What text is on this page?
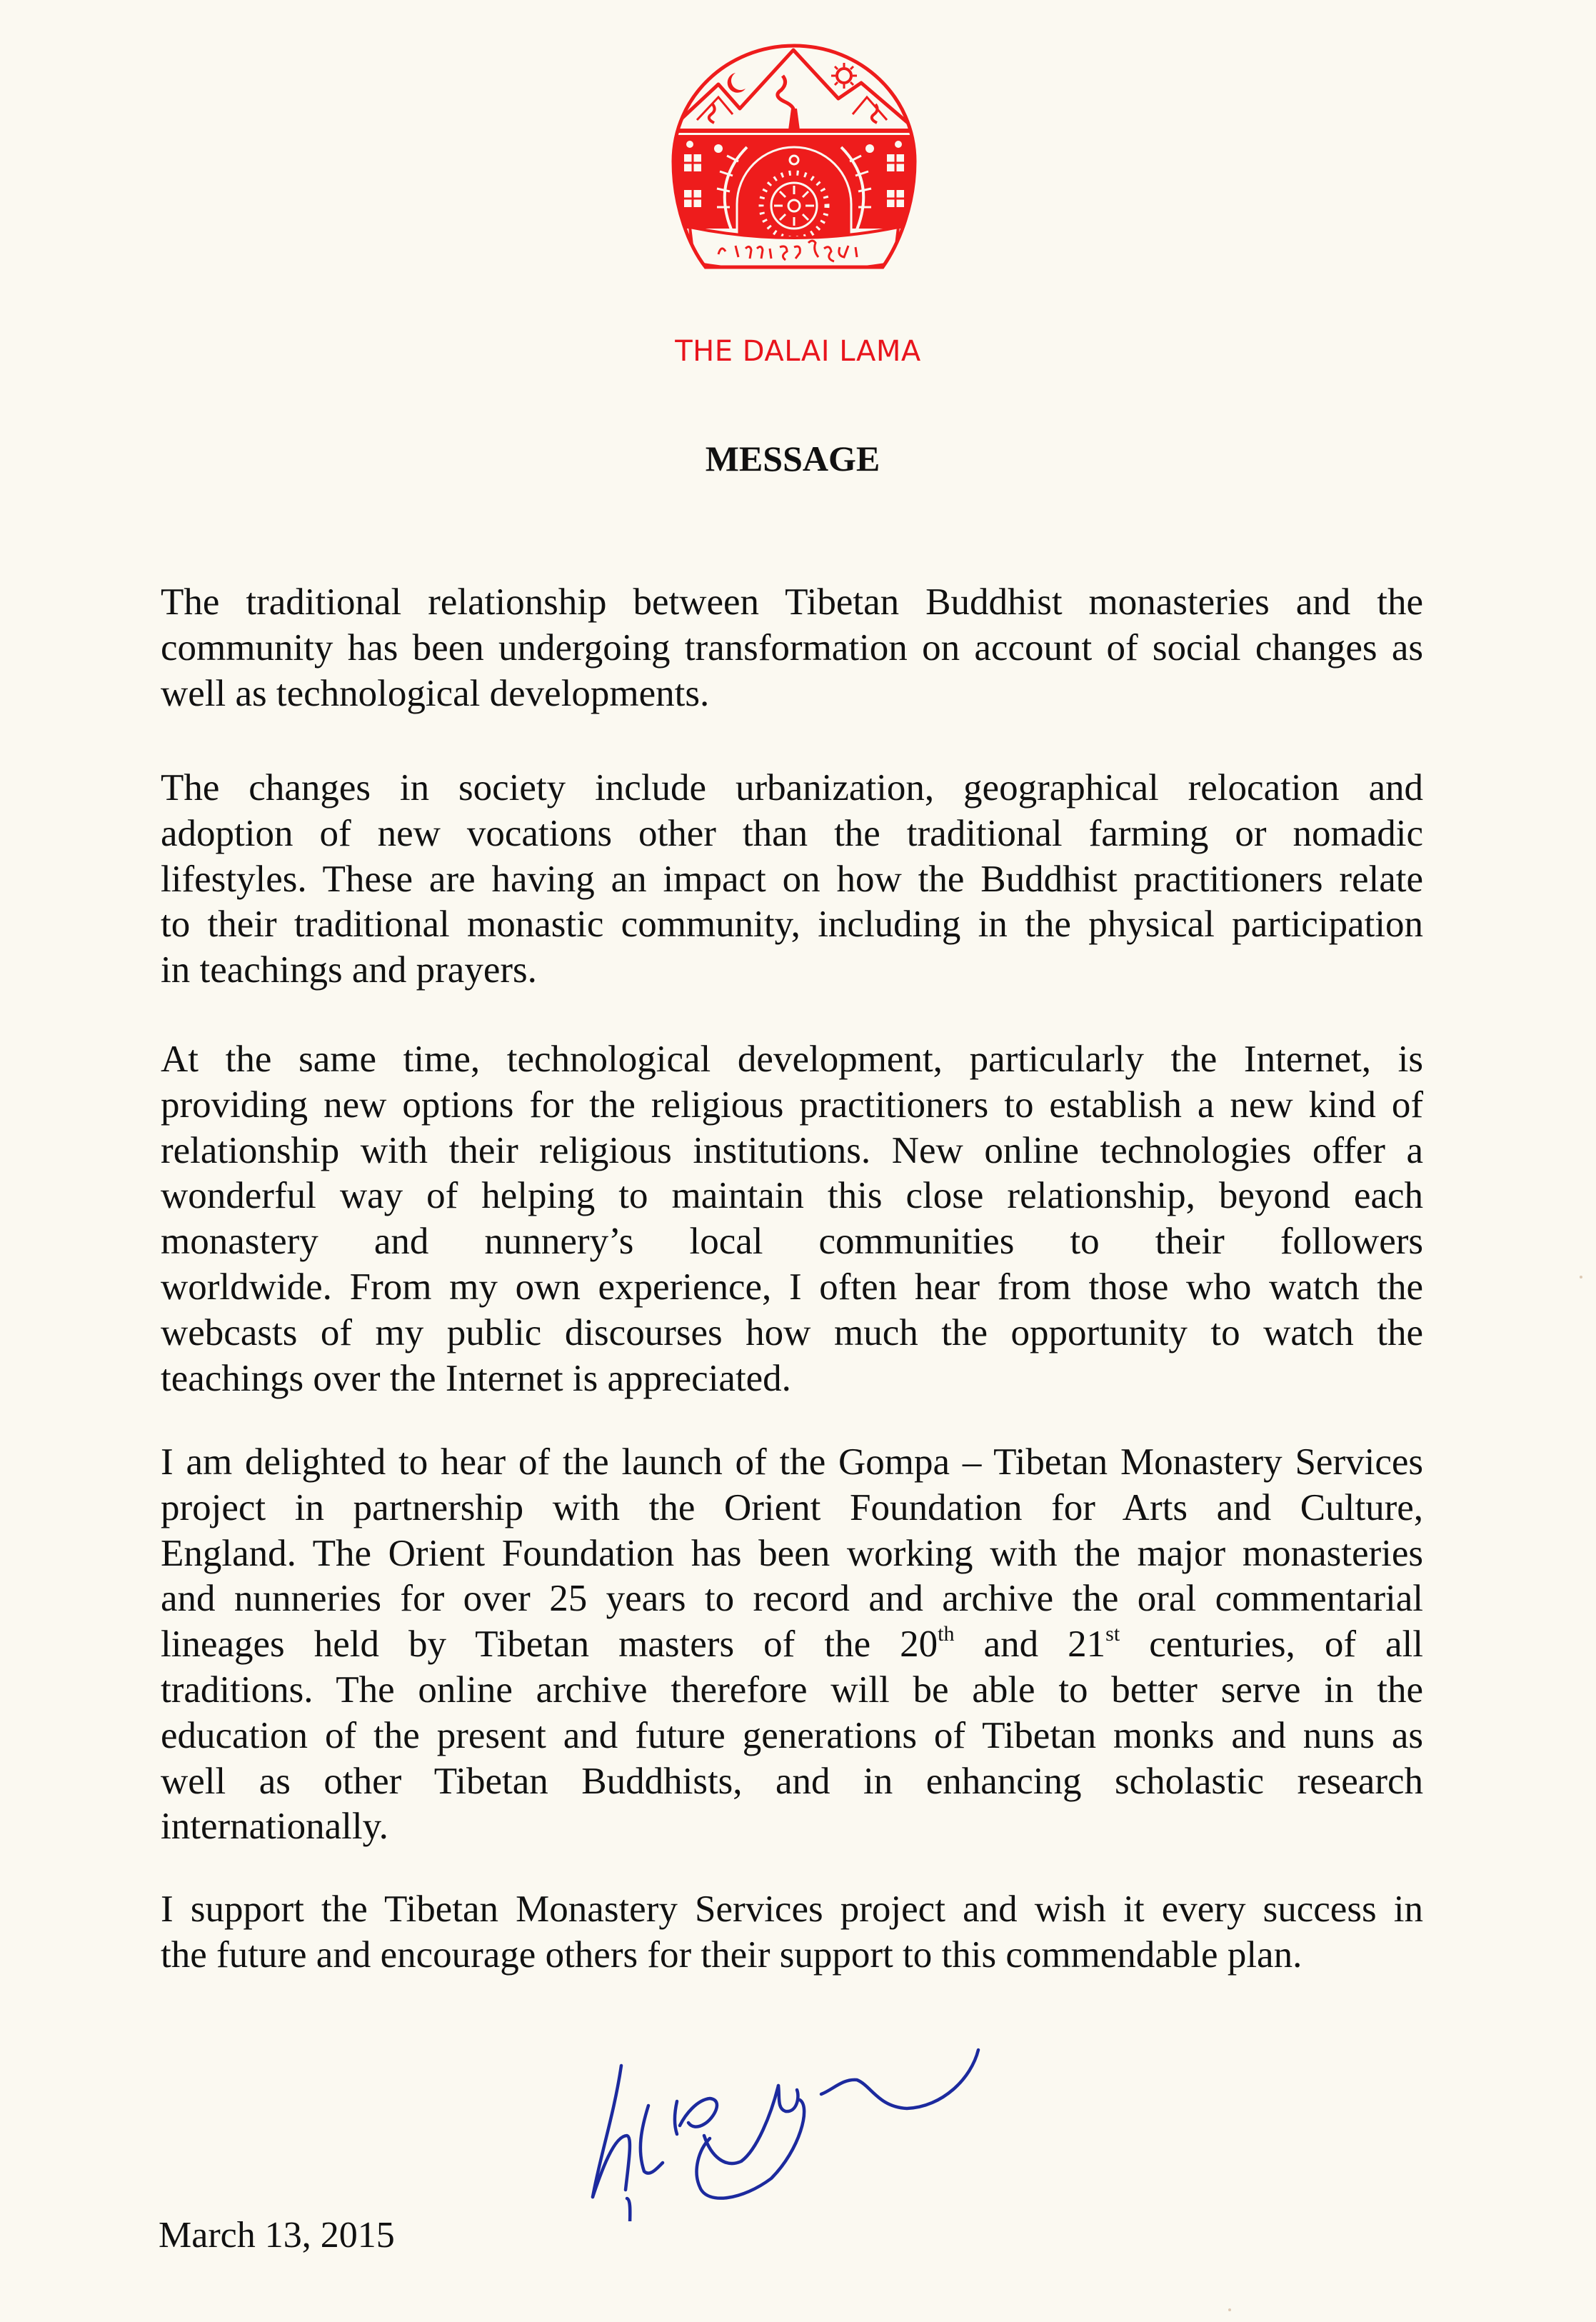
THE DALAI LAMA
MESSAGE
The traditional relationship between Tibetan Buddhist monasteries and the
community has been undergoing transformation on account of social changes as
well as technological developments.
The changes in society include urbanization, geographical relocation and
adoption of new vocations other than the traditional farming or nomadic
lifestyles. These are having an impact on how the Buddhist practitioners relate
to their traditional monastic community, including in the physical participation
in teachings and prayers.
At the same time, technological development, particularly the Internet, is
providing new options for the religious practitioners to establish a new kind of
relationship with their religious institutions. New online technologies offer a
wonderful way of helping to maintain this close relationship, beyond each
monastery and nunnery’s local communities to their followers
worldwide. From my own experience, I often hear from those who watch the
webcasts of my public discourses how much the opportunity to watch the
teachings over the Internet is appreciated.
I am delighted to hear of the launch of the Gompa – Tibetan Monastery Services
project in partnership with the Orient Foundation for Arts and Culture,
England. The Orient Foundation has been working with the major monasteries
and nunneries for over 25 years to record and archive the oral commentarial
lineages held by Tibetan masters of the 20th and 21st centuries, of all
traditions. The online archive therefore will be able to better serve in the
education of the present and future generations of Tibetan monks and nuns as
well as other Tibetan Buddhists, and in enhancing scholastic research
internationally.
I support the Tibetan Monastery Services project and wish it every success in
the future and encourage others for their support to this commendable plan.
March 13, 2015
